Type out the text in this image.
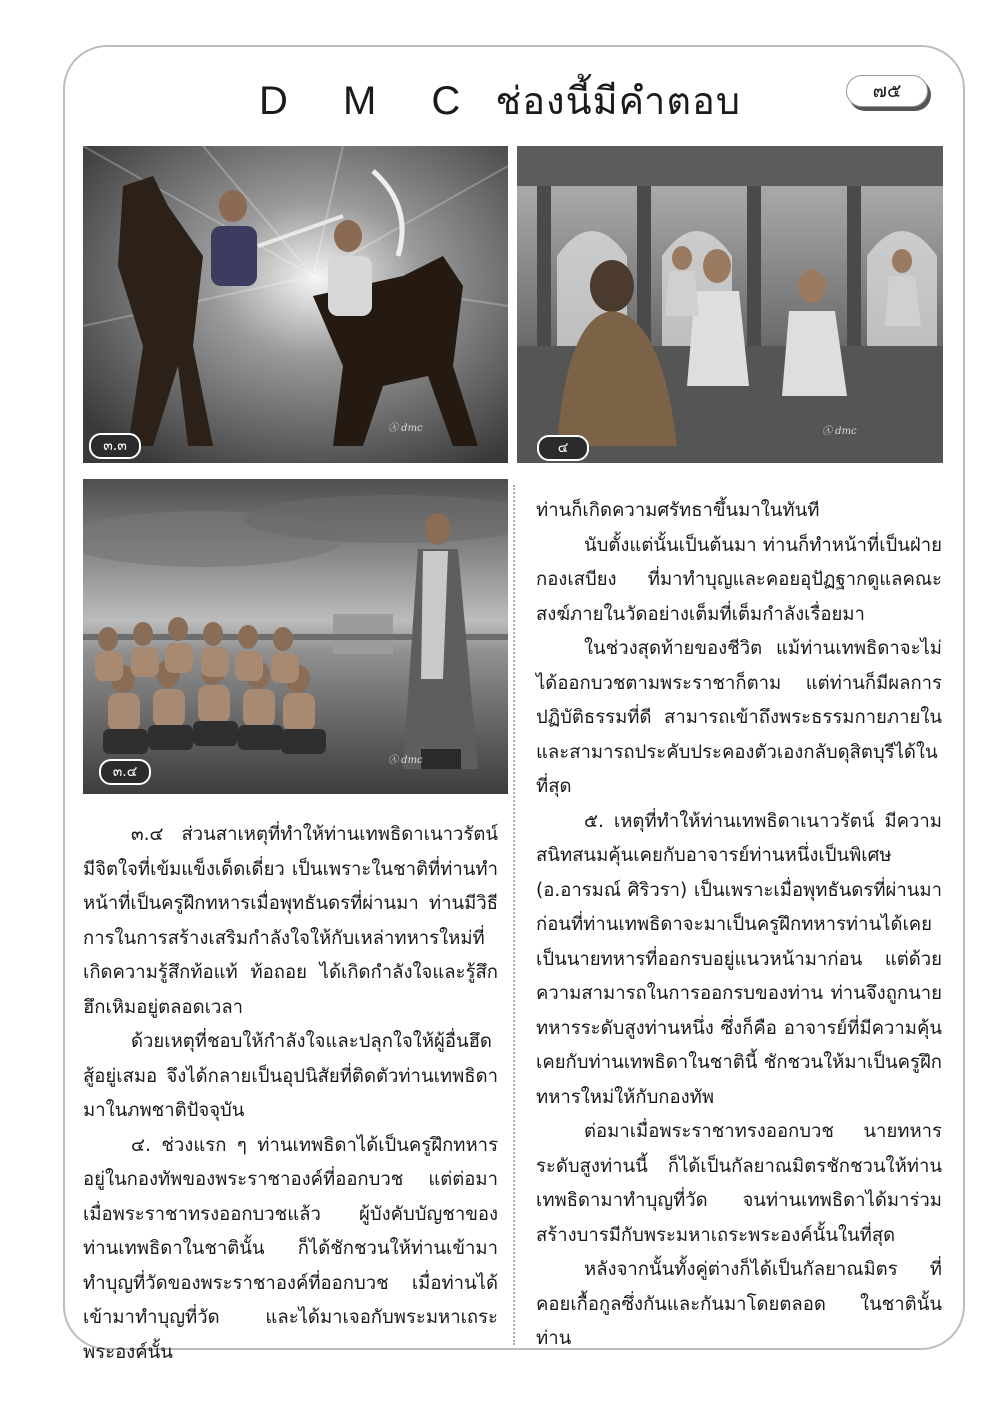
D M C ช่องนี้มีคำตอบ	๗๕
๓.๓
Ⓐ dmc
๔
Ⓐ dmc
๓.๔
Ⓐ dmc

๓.๔ ส่วนสาเหตุที่ทำให้ท่านเทพธิดาเนาวรัตน์มีจิตใจที่เข้มแข็งเด็ดเดี่ยว เป็นเพราะในชาติที่ท่านทำหน้าที่เป็นครูฝึกทหารเมื่อพุทธันดรที่ผ่านมา ท่านมีวิธีการในการสร้างเสริมกำลังใจให้กับเหล่าทหารใหม่ที่เกิดความรู้สึกท้อแท้ ท้อถอย ได้เกิดกำลังใจและรู้สึกฮึกเหิมอยู่ตลอดเวลา

ด้วยเหตุที่ชอบให้กำลังใจและปลุกใจให้ผู้อื่นฮึดสู้อยู่เสมอ จึงได้กลายเป็นอุปนิสัยที่ติดตัวท่านเทพธิดามาในภพชาติปัจจุบัน

๔. ช่วงแรก ๆ ท่านเทพธิดาได้เป็นครูฝึกทหารอยู่ในกองทัพของพระราชาองค์ที่ออกบวช แต่ต่อมาเมื่อพระราชาทรงออกบวชแล้ว ผู้บังคับบัญชาของท่านเทพธิดาในชาตินั้น ก็ได้ชักชวนให้ท่านเข้ามาทำบุญที่วัดของพระราชาองค์ที่ออกบวช เมื่อท่านได้เข้ามาทำบุญที่วัด และได้มาเจอกับพระมหาเถระพระองค์นั้น

ท่านก็เกิดความศรัทธาขึ้นมาในทันที

นับตั้งแต่นั้นเป็นต้นมา ท่านก็ทำหน้าที่เป็นฝ่ายกองเสบียง ที่มาทำบุญและคอยอุปัฏฐากดูแลคณะสงฆ์ภายในวัดอย่างเต็มที่เต็มกำลังเรื่อยมา

ในช่วงสุดท้ายของชีวิต แม้ท่านเทพธิดาจะไม่ได้ออกบวชตามพระราชาก็ตาม แต่ท่านก็มีผลการปฏิบัติธรรมที่ดี สามารถเข้าถึงพระธรรมกายภายในและสามารถประคับประคองตัวเองกลับดุสิตบุรีได้ในที่สุด

๕. เหตุที่ทำให้ท่านเทพธิดาเนาวรัตน์ มีความสนิทสนมคุ้นเคยกับอาจารย์ท่านหนึ่งเป็นพิเศษ (อ.อารมณ์ ศิริวรา) เป็นเพราะเมื่อพุทธันดรที่ผ่านมาก่อนที่ท่านเทพธิดาจะมาเป็นครูฝึกทหารท่านได้เคยเป็นนายทหารที่ออกรบอยู่แนวหน้ามาก่อน แต่ด้วยความสามารถในการออกรบของท่าน ท่านจึงถูกนายทหารระดับสูงท่านหนึ่ง ซึ่งก็คือ อาจารย์ที่มีความคุ้นเคยกับท่านเทพธิดาในชาตินี้ ชักชวนให้มาเป็นครูฝึกทหารใหม่ให้กับกองทัพ

ต่อมาเมื่อพระราชาทรงออกบวช นายทหารระดับสูงท่านนี้ ก็ได้เป็นกัลยาณมิตรชักชวนให้ท่านเทพธิดามาทำบุญที่วัด จนท่านเทพธิดาได้มาร่วมสร้างบารมีกับพระมหาเถระพระองค์นั้นในที่สุด

หลังจากนั้นทั้งคู่ต่างก็ได้เป็นกัลยาณมิตร ที่คอยเกื้อกูลซึ่งกันและกันมาโดยตลอด ในชาตินั้นท่าน
